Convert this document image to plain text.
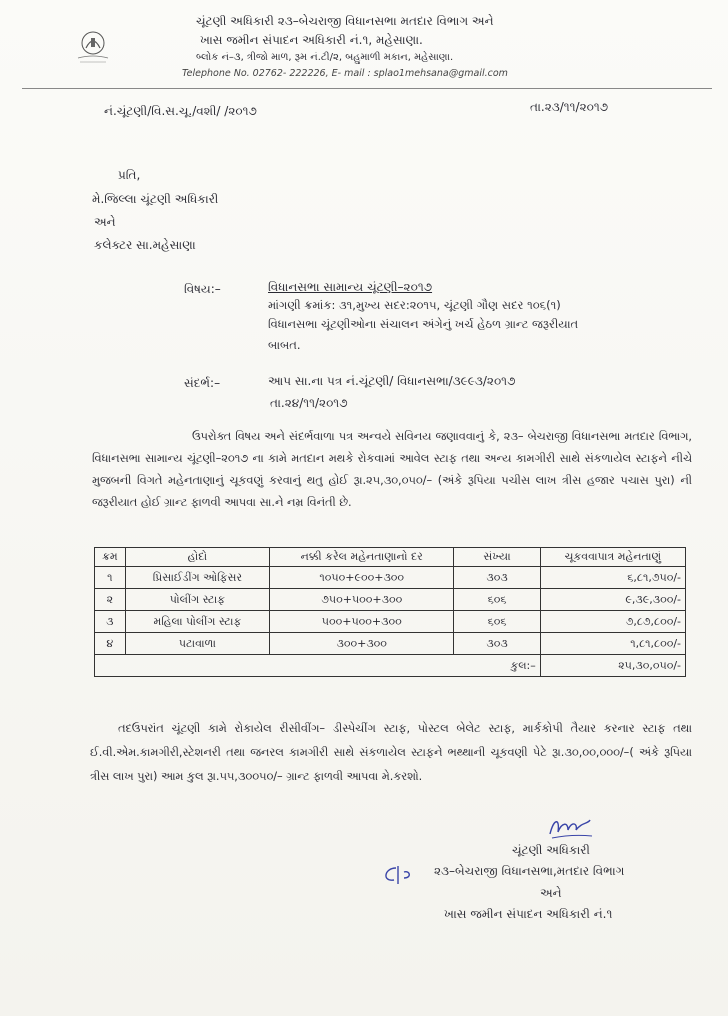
ચૂંટણી અધિકારી ૨૩–બેચરાજી વિધાનસભા મતદાર વિભાગ અને
ખાસ જમીન સંપાદન અધિકારી નં.૧, મહેસાણા.
બ્લોક નં–૩, ત્રીજો માળ, રૂમ નં.ટી/૨, બહુમાળી મકાન, મહેસાણા.
Telephone No. 02762- 222226, E- mail : splao1mehsana@gmail.com
નં.ચૂંટણી/વિ.સ.ચૂ./વશી/ /૨૦૧૭	તા.૨૩/૧૧/૨૦૧૭
પ્રતિ,
મે.જિલ્લા ચૂંટણી અધિકારી
અને
કલેક્ટર સા.મહેસાણા
વિષય:–	વિધાનસભા સામાન્ય ચૂંટણી–૨૦૧૭
માંગણી ક્રમાંક: ૩૧,મુખ્ય સદર:૨૦૧૫, ચૂંટણી ગૌણ સદર ૧૦૬(૧)
વિધાનસભા ચૂંટણીઓના સંચાલન અંગેનું ખર્ચ હેઠળ ગ્રાન્ટ જરૂરીયાત
બાબત.
સંદર્ભ:–	આપ સા.ના પત્ર નં.ચૂંટણી/ વિધાનસભા/૩૯૯૩/૨૦૧૭
તા.૨૪/૧૧/૨૦૧૭
ઉપરોક્ત વિષય અને સંદર્ભવાળા પત્ર અન્વયે સવિનય જણાવવાનું કે, ૨૩– બેચરાજી વિધાનસભા મતદાર વિભાગ, વિધાનસભા સામાન્ય ચૂંટણી–૨૦૧૭ ના કામે મતદાન મથકે રોકવામાં આવેલ સ્ટાફ તથા અન્ય કામગીરી સાથે સંકળાયેલ સ્ટાફને નીચે મુજબની વિગતે મહેનતાણાનું ચૂકવણું કરવાનું થતુ હોઈ રૂા.૨૫,૩૦,૦૫૦/– (અંકે રૂપિયા પચીસ લાખ ત્રીસ હજાર પચાસ પુરા) ની જરૂરીયાત હોઈ ગ્રાન્ટ ફાળવી આપવા સા.ને નમ્ર વિનંતી છે.
ક્રમ	હોદો	નક્કી કરેલ મહેનતાણાનો દર	સંખ્યા	ચૂકવવાપાત્ર મહેનતાણું
૧	પ્રિસાઈડીંગ ઓફિસર	૧૦૫૦+૯૦૦+૩૦૦	૩૦૩	૬,૮૧,૭૫૦/-
૨	પોલીંગ સ્ટાફ	૭૫૦+૫૦૦+૩૦૦	૬૦૬	૯,૩૯,૩૦૦/-
૩	મહિલા પોલીંગ સ્ટાફ	૫૦૦+૫૦૦+૩૦૦	૬૦૬	૭,૮૭,૮૦૦/-
૪	પટાવાળા	૩૦૦+૩૦૦	૩૦૩	૧,૮૧,૮૦૦/-
કુલ:–				૨૫,૩૦,૦૫૦/-
તદઉપરાંત ચૂંટણી કામે રોકાયેલ રીસીવીંગ– ડીસ્પેચીંગ સ્ટાફ, પોસ્ટલ બેલેટ સ્ટાફ, માર્કકોપી તૈયાર કરનાર સ્ટાફ તથા ઈ.વી.એમ.કામગીરી,સ્ટેશનરી તથા જનરલ કામગીરી સાથે સંકળાયેલ સ્ટાફને ભથ્થાની ચૂકવણી પેટે રૂા.૩૦,૦૦,૦૦૦/–( અંકે રૂપિયા ત્રીસ લાખ પુરા) આમ કુલ રૂા.૫૫,૩૦૦૫૦/– ગ્રાન્ટ ફાળવી આપવા મે.કરશો.
ચૂંટણી અધિકારી
૨૩–બેચરાજી વિધાનસભા,મતદાર વિભાગ
અને
ખાસ જમીન સંપાદન અધિકારી નં.૧
